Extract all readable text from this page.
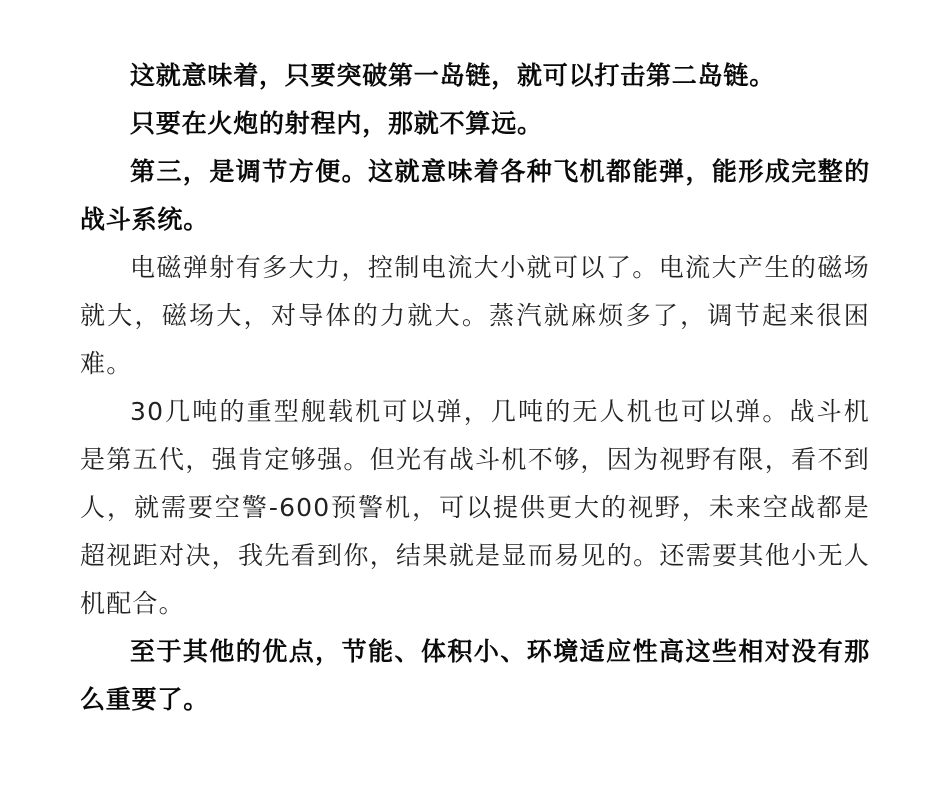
这就意味着，只要突破第一岛链，就可以打击第二岛链。

只要在火炮的射程内，那就不算远。

第三，是调节方便。这就意味着各种飞机都能弹，能形成完整的战斗系统。

电磁弹射有多大力，控制电流大小就可以了。电流大产生的磁场就大，磁场大，对导体的力就大。蒸汽就麻烦多了，调节起来很困难。

30几吨的重型舰载机可以弹，几吨的无人机也可以弹。战斗机是第五代，强肯定够强。但光有战斗机不够，因为视野有限，看不到人，就需要空警-600预警机，可以提供更大的视野，未来空战都是超视距对决，我先看到你，结果就是显而易见的。还需要其他小无人机配合。

至于其他的优点，节能、体积小、环境适应性高这些相对没有那么重要了。
